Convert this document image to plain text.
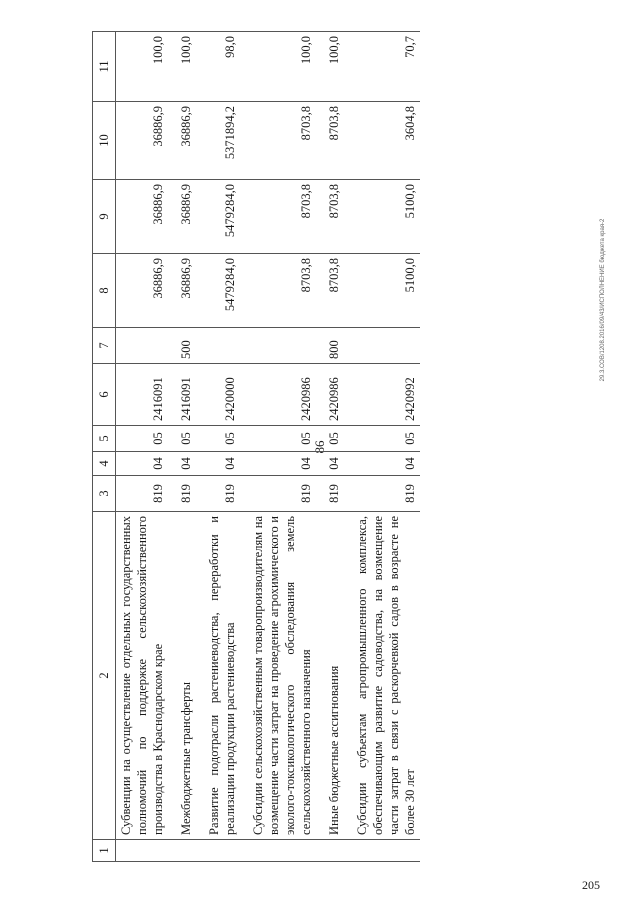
86
29.3.СОВ/1208.2016/09/43/ИСПОЛНЕНИЕ бюджета края-2
1	2	3	4	5	6	7	8	9	10	11
	Субвенции на осуществление отдельных государственных полномочий по поддержке сельскохозяйственного производства в Краснодарском крае	819	04	05	2416091		36886,9	36886,9	36886,9	100,0
	Межбюджетные трансферты	819	04	05	2416091	500	36886,9	36886,9	36886,9	100,0
	Развитие подотрасли растениеводства, переработки и реализации продукции растениеводства	819	04	05	2420000		5479284,0	5479284,0	5371894,2	98,0
	Субсидии сельскохозяйственным товаропроизводителям на возмещение части затрат на проведение агрохимического и эколого-токсикологического обследования земель сельскохозяйственного назначения	819	04	05	2420986		8703,8	8703,8	8703,8	100,0
	Иные бюджетные ассигнования	819	04	05	2420986	800	8703,8	8703,8	8703,8	100,0
	Субсидии субъектам агропромышленного комплекса, обеспечивающим развитие садоводства, на возмещение части затрат в связи с раскорчевкой садов в возрасте не более 30 лет	819	04	05	2420992		5100,0	5100,0	3604,8	70,7
205
